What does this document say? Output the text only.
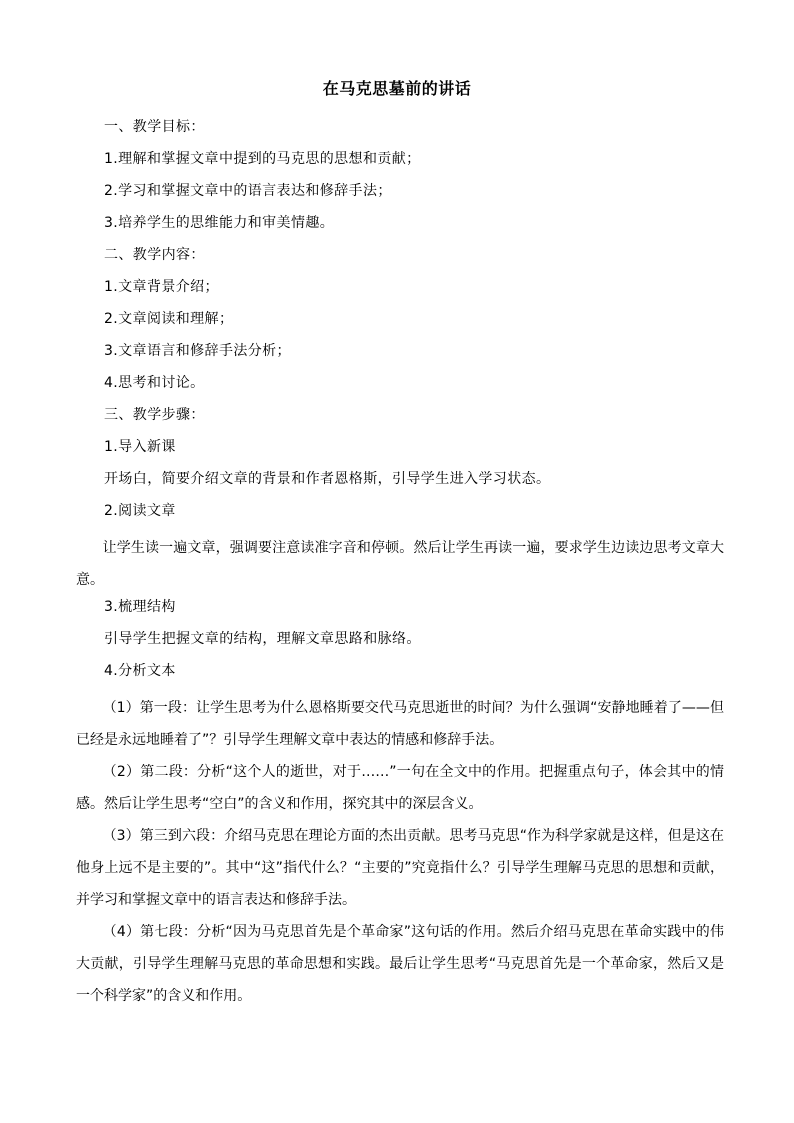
在马克思墓前的讲话
一、教学目标：
1.理解和掌握文章中提到的马克思的思想和贡献；
2.学习和掌握文章中的语言表达和修辞手法；
3.培养学生的思维能力和审美情趣。
二、教学内容：
1.文章背景介绍；
2.文章阅读和理解；
3.文章语言和修辞手法分析；
4.思考和讨论。
三、教学步骤：
1.导入新课
开场白，简要介绍文章的背景和作者恩格斯，引导学生进入学习状态。
2.阅读文章

让学生读一遍文章，强调要注意读准字音和停顿。然后让学生再读一遍，要求学生边读边思考文章大意。

3.梳理结构
引导学生把握文章的结构，理解文章思路和脉络。
4.分析文本

（1）第一段：让学生思考为什么恩格斯要交代马克思逝世的时间？为什么强调“安静地睡着了——但已经是永远地睡着了”？引导学生理解文章中表达的情感和修辞手法。

（2）第二段：分析“这个人的逝世，对于……”一句在全文中的作用。把握重点句子，体会其中的情感。然后让学生思考“空白”的含义和作用，探究其中的深层含义。

（3）第三到六段：介绍马克思在理论方面的杰出贡献。思考马克思“作为科学家就是这样，但是这在他身上远不是主要的”。其中“这”指代什么？“主要的”究竟指什么？引导学生理解马克思的思想和贡献，并学习和掌握文章中的语言表达和修辞手法。

（4）第七段：分析“因为马克思首先是个革命家”这句话的作用。然后介绍马克思在革命实践中的伟大贡献，引导学生理解马克思的革命思想和实践。最后让学生思考“马克思首先是一个革命家，然后又是一个科学家”的含义和作用。
